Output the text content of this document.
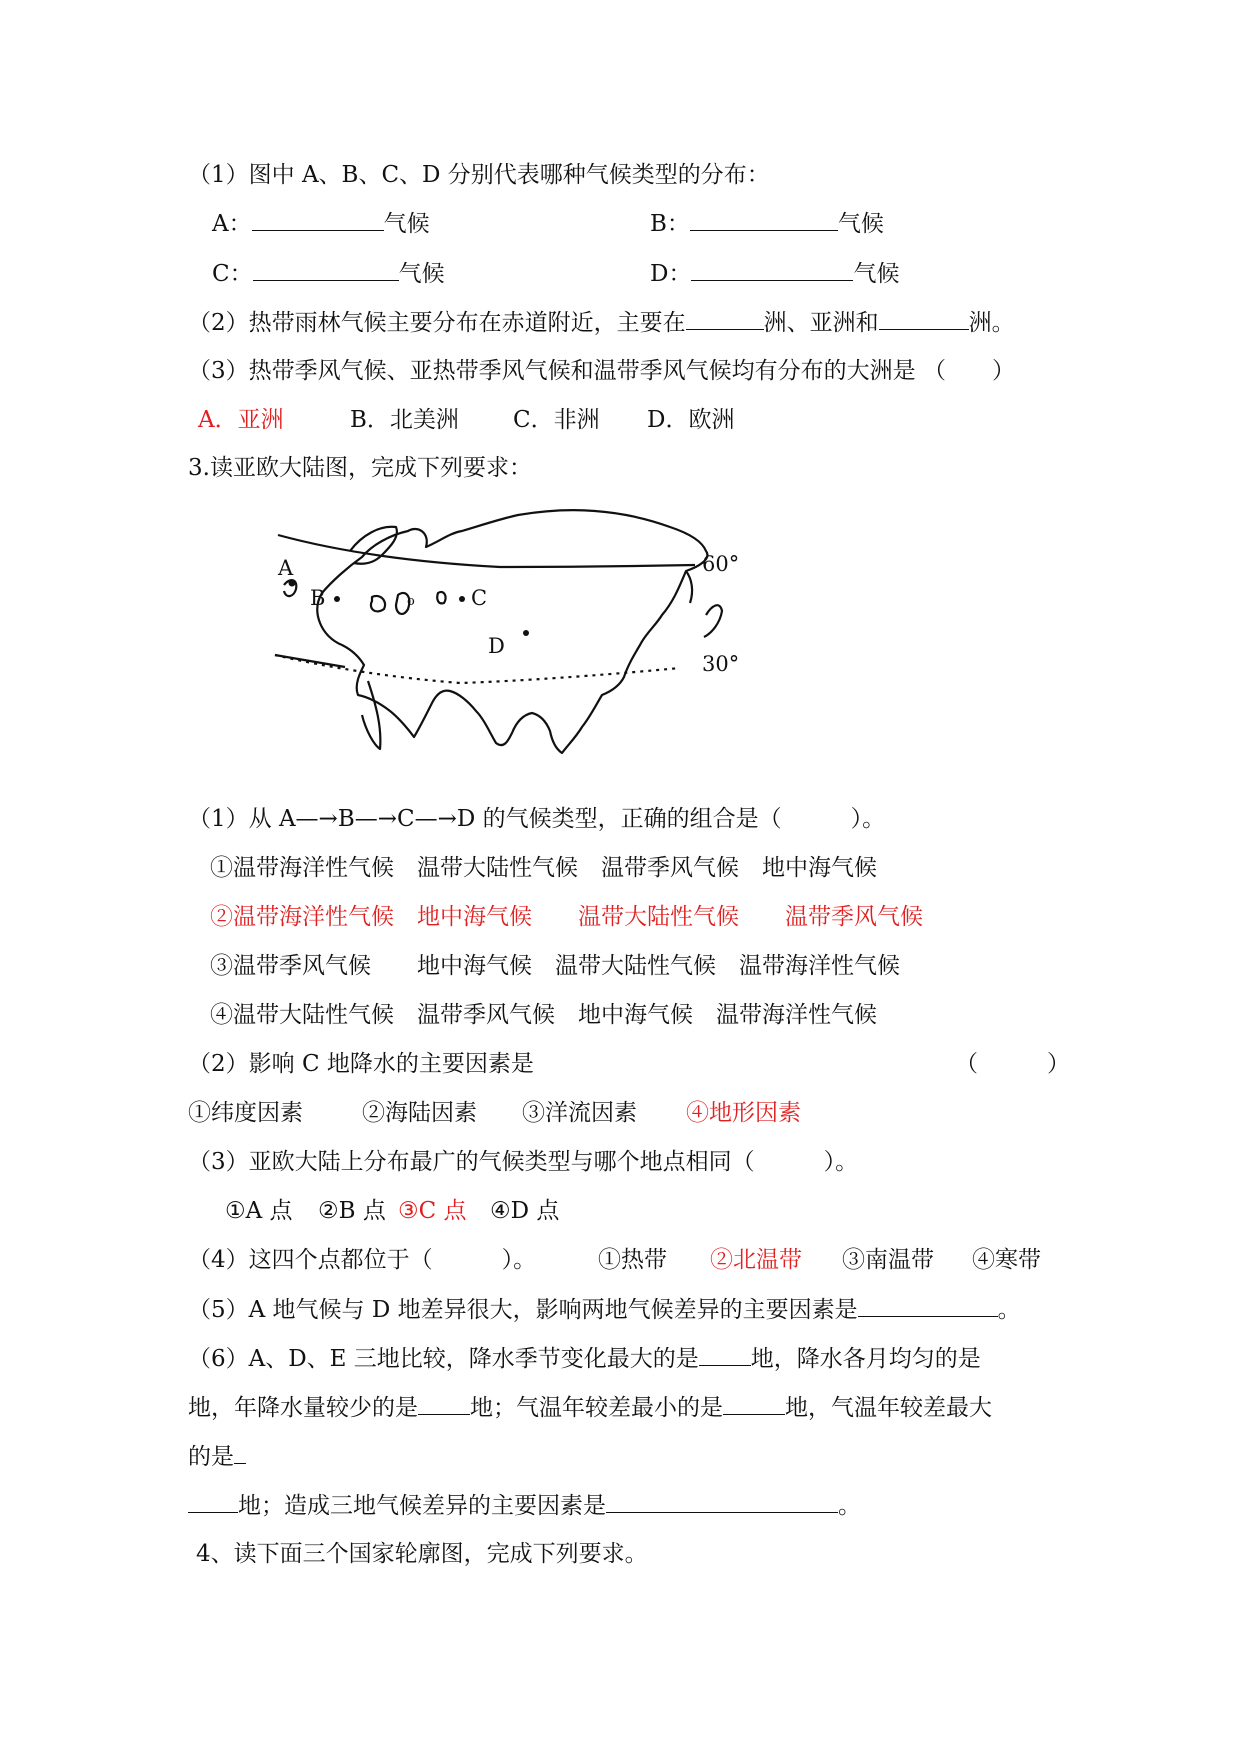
（1）图中 A、B、C、D 分别代表哪种气候类型的分布：
A：	气候	B：	气候
C：	气候	D：	气候
（2）热带雨林气候主要分布在赤道附近，主要在	洲、亚洲和	洲。
（3）热带季风气候、亚热带季风气候和温带季风气候均有分布的大洲是 （　　）
A．亚洲	B．北美洲 C．非洲 D．欧洲
3.读亚欧大陆图，完成下列要求：
A
B	o	C
D
60°
30°
（1）从 A—→B—→C—→D 的气候类型，正确的组合是（　　　）。
①温带海洋性气候　温带大陆性气候　温带季风气候　地中海气候
②温带海洋性气候　地中海气候　　温带大陆性气候　　温带季风气候
③温带季风气候　　地中海气候　温带大陆性气候　温带海洋性气候
④温带大陆性气候　温带季风气候　地中海气候　温带海洋性气候
（2）影响 C 地降水的主要因素是	（　　　）
①纬度因素	②海陆因素 ③洋流因素 ④地形因素
（3）亚欧大陆上分布最广的气候类型与哪个地点相同（　　　）。
①A 点 ②B 点 ③C 点 ④D 点
（4）这四个点都位于（　　　）。	①热带 ②北温带 ③南温带 ④寒带
（5）A 地气候与 D 地差异很大，影响两地气候差异的主要因素是	。
（6）A、D、E 三地比较，降水季节变化最大的是 地，降水各月均匀的是
地，年降水量较少的是 地；气温年较差最小的是	地，气温年较差最大
的是
地；造成三地气候差异的主要因素是	。
4、读下面三个国家轮廓图，完成下列要求。
